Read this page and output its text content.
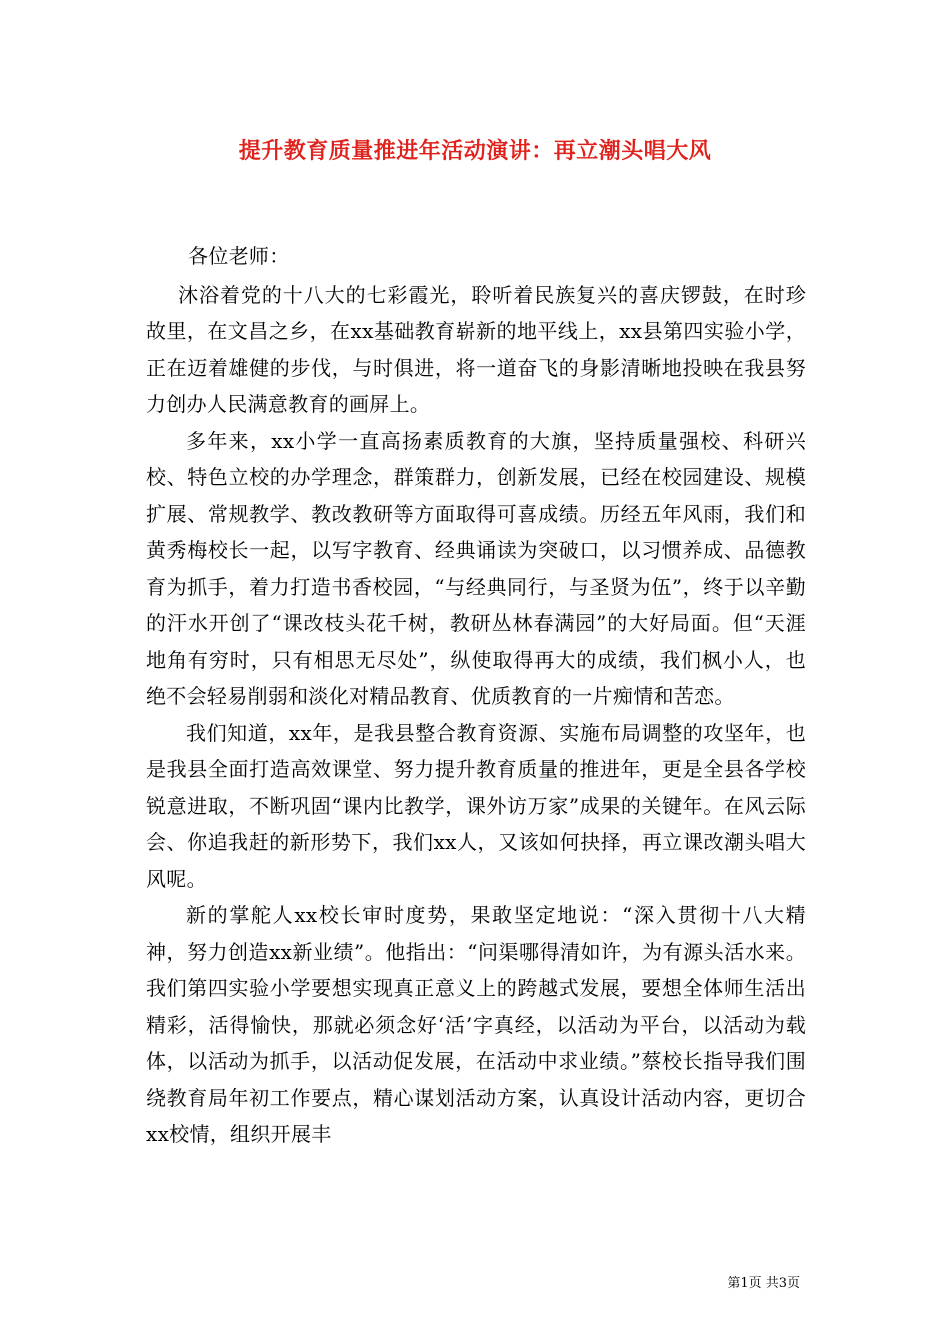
提升教育质量推进年活动演讲：再立潮头唱大风

各位老师：

沐浴着党的十八大的七彩霞光，聆听着民族复兴的喜庆锣鼓，在时珍故里，在文昌之乡，在xx基础教育崭新的地平线上，xx县第四实验小学，正在迈着雄健的步伐，与时俱进，将一道奋飞的身影清晰地投映在我县努力创办人民满意教育的画屏上。

多年来，xx小学一直高扬素质教育的大旗，坚持质量强校、科研兴校、特色立校的办学理念，群策群力，创新发展，已经在校园建设、规模扩展、常规教学、教改教研等方面取得可喜成绩。历经五年风雨，我们和黄秀梅校长一起，以写字教育、经典诵读为突破口，以习惯养成、品德教育为抓手，着力打造书香校园，“与经典同行，与圣贤为伍”，终于以辛勤的汗水开创了“课改枝头花千树，教研丛林春满园”的大好局面。但“天涯地角有穷时，只有相思无尽处”，纵使取得再大的成绩，我们枫小人，也绝不会轻易削弱和淡化对精品教育、优质教育的一片痴情和苦恋。

我们知道，xx年，是我县整合教育资源、实施布局调整的攻坚年，也是我县全面打造高效课堂、努力提升教育质量的推进年，更是全县各学校锐意进取，不断巩固“课内比教学，课外访万家”成果的关键年。在风云际会、你追我赶的新形势下，我们xx人，又该如何抉择，再立课改潮头唱大风呢。

新的掌舵人xx校长审时度势，果敢坚定地说：“深入贯彻十八大精神，努力创造xx新业绩”。他指出：“问渠哪得清如许，为有源头活水来。我们第四实验小学要想实现真正意义上的跨越式发展，要想全体师生活出精彩，活得愉快，那就必须念好‘活’字真经，以活动为平台，以活动为载体，以活动为抓手，以活动促发展，在活动中求业绩。”蔡校长指导我们围绕教育局年初工作要点，精心谋划活动方案，认真设计活动内容，更切合xx校情，组织开展丰

第1页 共3页
